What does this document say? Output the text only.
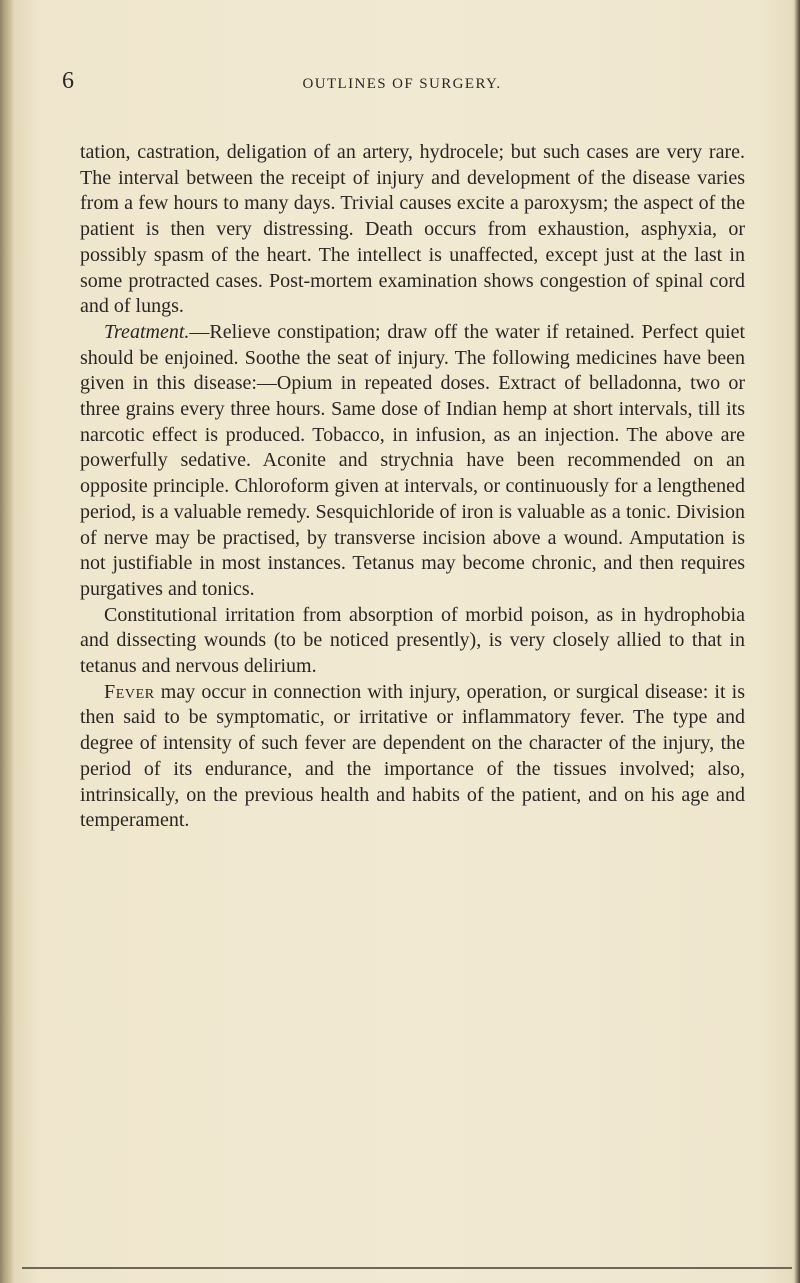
6	OUTLINES OF SURGERY.

tation, castration, deligation of an artery, hydrocele; but such cases are very rare. The interval between the receipt of injury and development of the disease varies from a few hours to many days. Trivial causes excite a paroxysm; the aspect of the patient is then very distressing. Death occurs from exhaustion, asphyxia, or possibly spasm of the heart. The intellect is unaffected, except just at the last in some protracted cases. Post-mortem examination shows congestion of spinal cord and of lungs.

Treatment.—Relieve constipation; draw off the water if retained. Perfect quiet should be enjoined. Soothe the seat of injury. The following medicines have been given in this disease:—Opium in repeated doses. Extract of belladonna, two or three grains every three hours. Same dose of Indian hemp at short intervals, till its narcotic effect is produced. Tobacco, in infusion, as an injection. The above are powerfully sedative. Aconite and strychnia have been recommended on an opposite principle. Chloroform given at intervals, or continuously for a lengthened period, is a valuable remedy. Sesquichloride of iron is valuable as a tonic. Division of nerve may be practised, by transverse incision above a wound. Amputation is not justifiable in most instances. Tetanus may become chronic, and then requires purgatives and tonics.

Constitutional irritation from absorption of morbid poison, as in hydrophobia and dissecting wounds (to be noticed presently), is very closely allied to that in tetanus and nervous delirium.

Fever may occur in connection with injury, operation, or surgical disease: it is then said to be symptomatic, or irritative or inflammatory fever. The type and degree of intensity of such fever are dependent on the character of the injury, the period of its endurance, and the importance of the tissues involved; also, intrinsically, on the previous health and habits of the patient, and on his age and temperament.
